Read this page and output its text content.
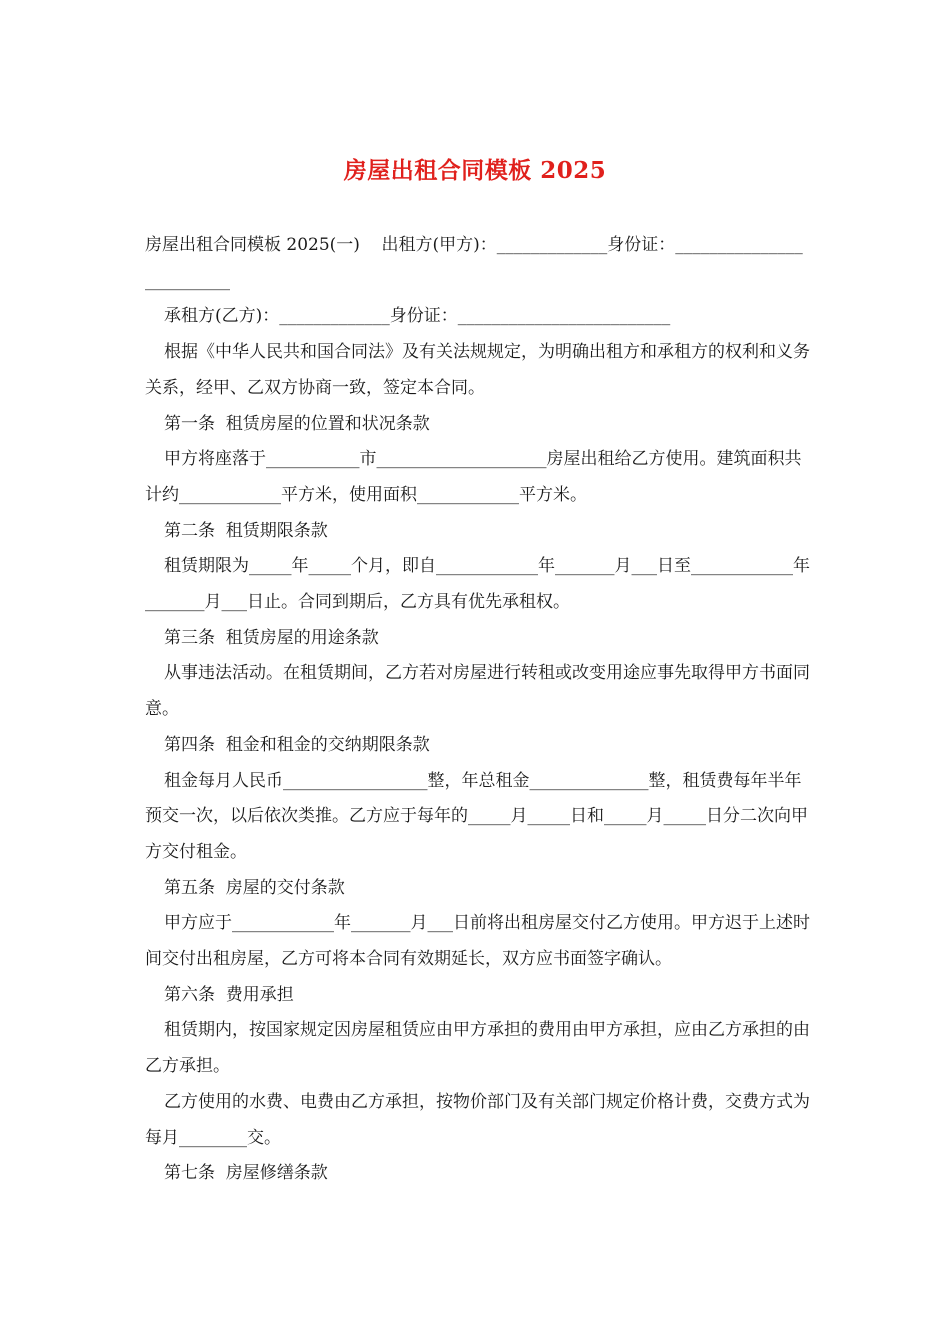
房屋出租合同模板 2025

房屋出租合同模板 2025(一)    出租方(甲方)：_____________身份证：_________________________

承租方(乙方)：_____________身份证：_________________________

根据《中华人民共和国合同法》及有关法规规定，为明确出租方和承租方的权利和义务关系，经甲、乙双方协商一致，签定本合同。

第一条  租赁房屋的位置和状况条款

甲方将座落于___________市____________________房屋出租给乙方使用。建筑面积共计约____________平方米，使用面积____________平方米。

第二条  租赁期限条款

租赁期限为_____年_____个月，即自____________年_______月___日至____________年_______月___日止。合同到期后，乙方具有优先承租权。

第三条  租赁房屋的用途条款

从事违法活动。在租赁期间，乙方若对房屋进行转租或改变用途应事先取得甲方书面同意。

第四条  租金和租金的交纳期限条款

租金每月人民币_________________整，年总租金______________整，租赁费每年半年预交一次，以后依次类推。乙方应于每年的_____月_____日和_____月_____日分二次向甲方交付租金。

第五条  房屋的交付条款

甲方应于____________年_______月___日前将出租房屋交付乙方使用。甲方迟于上述时间交付出租房屋，乙方可将本合同有效期延长，双方应书面签字确认。

第六条  费用承担

租赁期内，按国家规定因房屋租赁应由甲方承担的费用由甲方承担，应由乙方承担的由乙方承担。

乙方使用的水费、电费由乙方承担，按物价部门及有关部门规定价格计费，交费方式为每月________交。

第七条  房屋修缮条款
